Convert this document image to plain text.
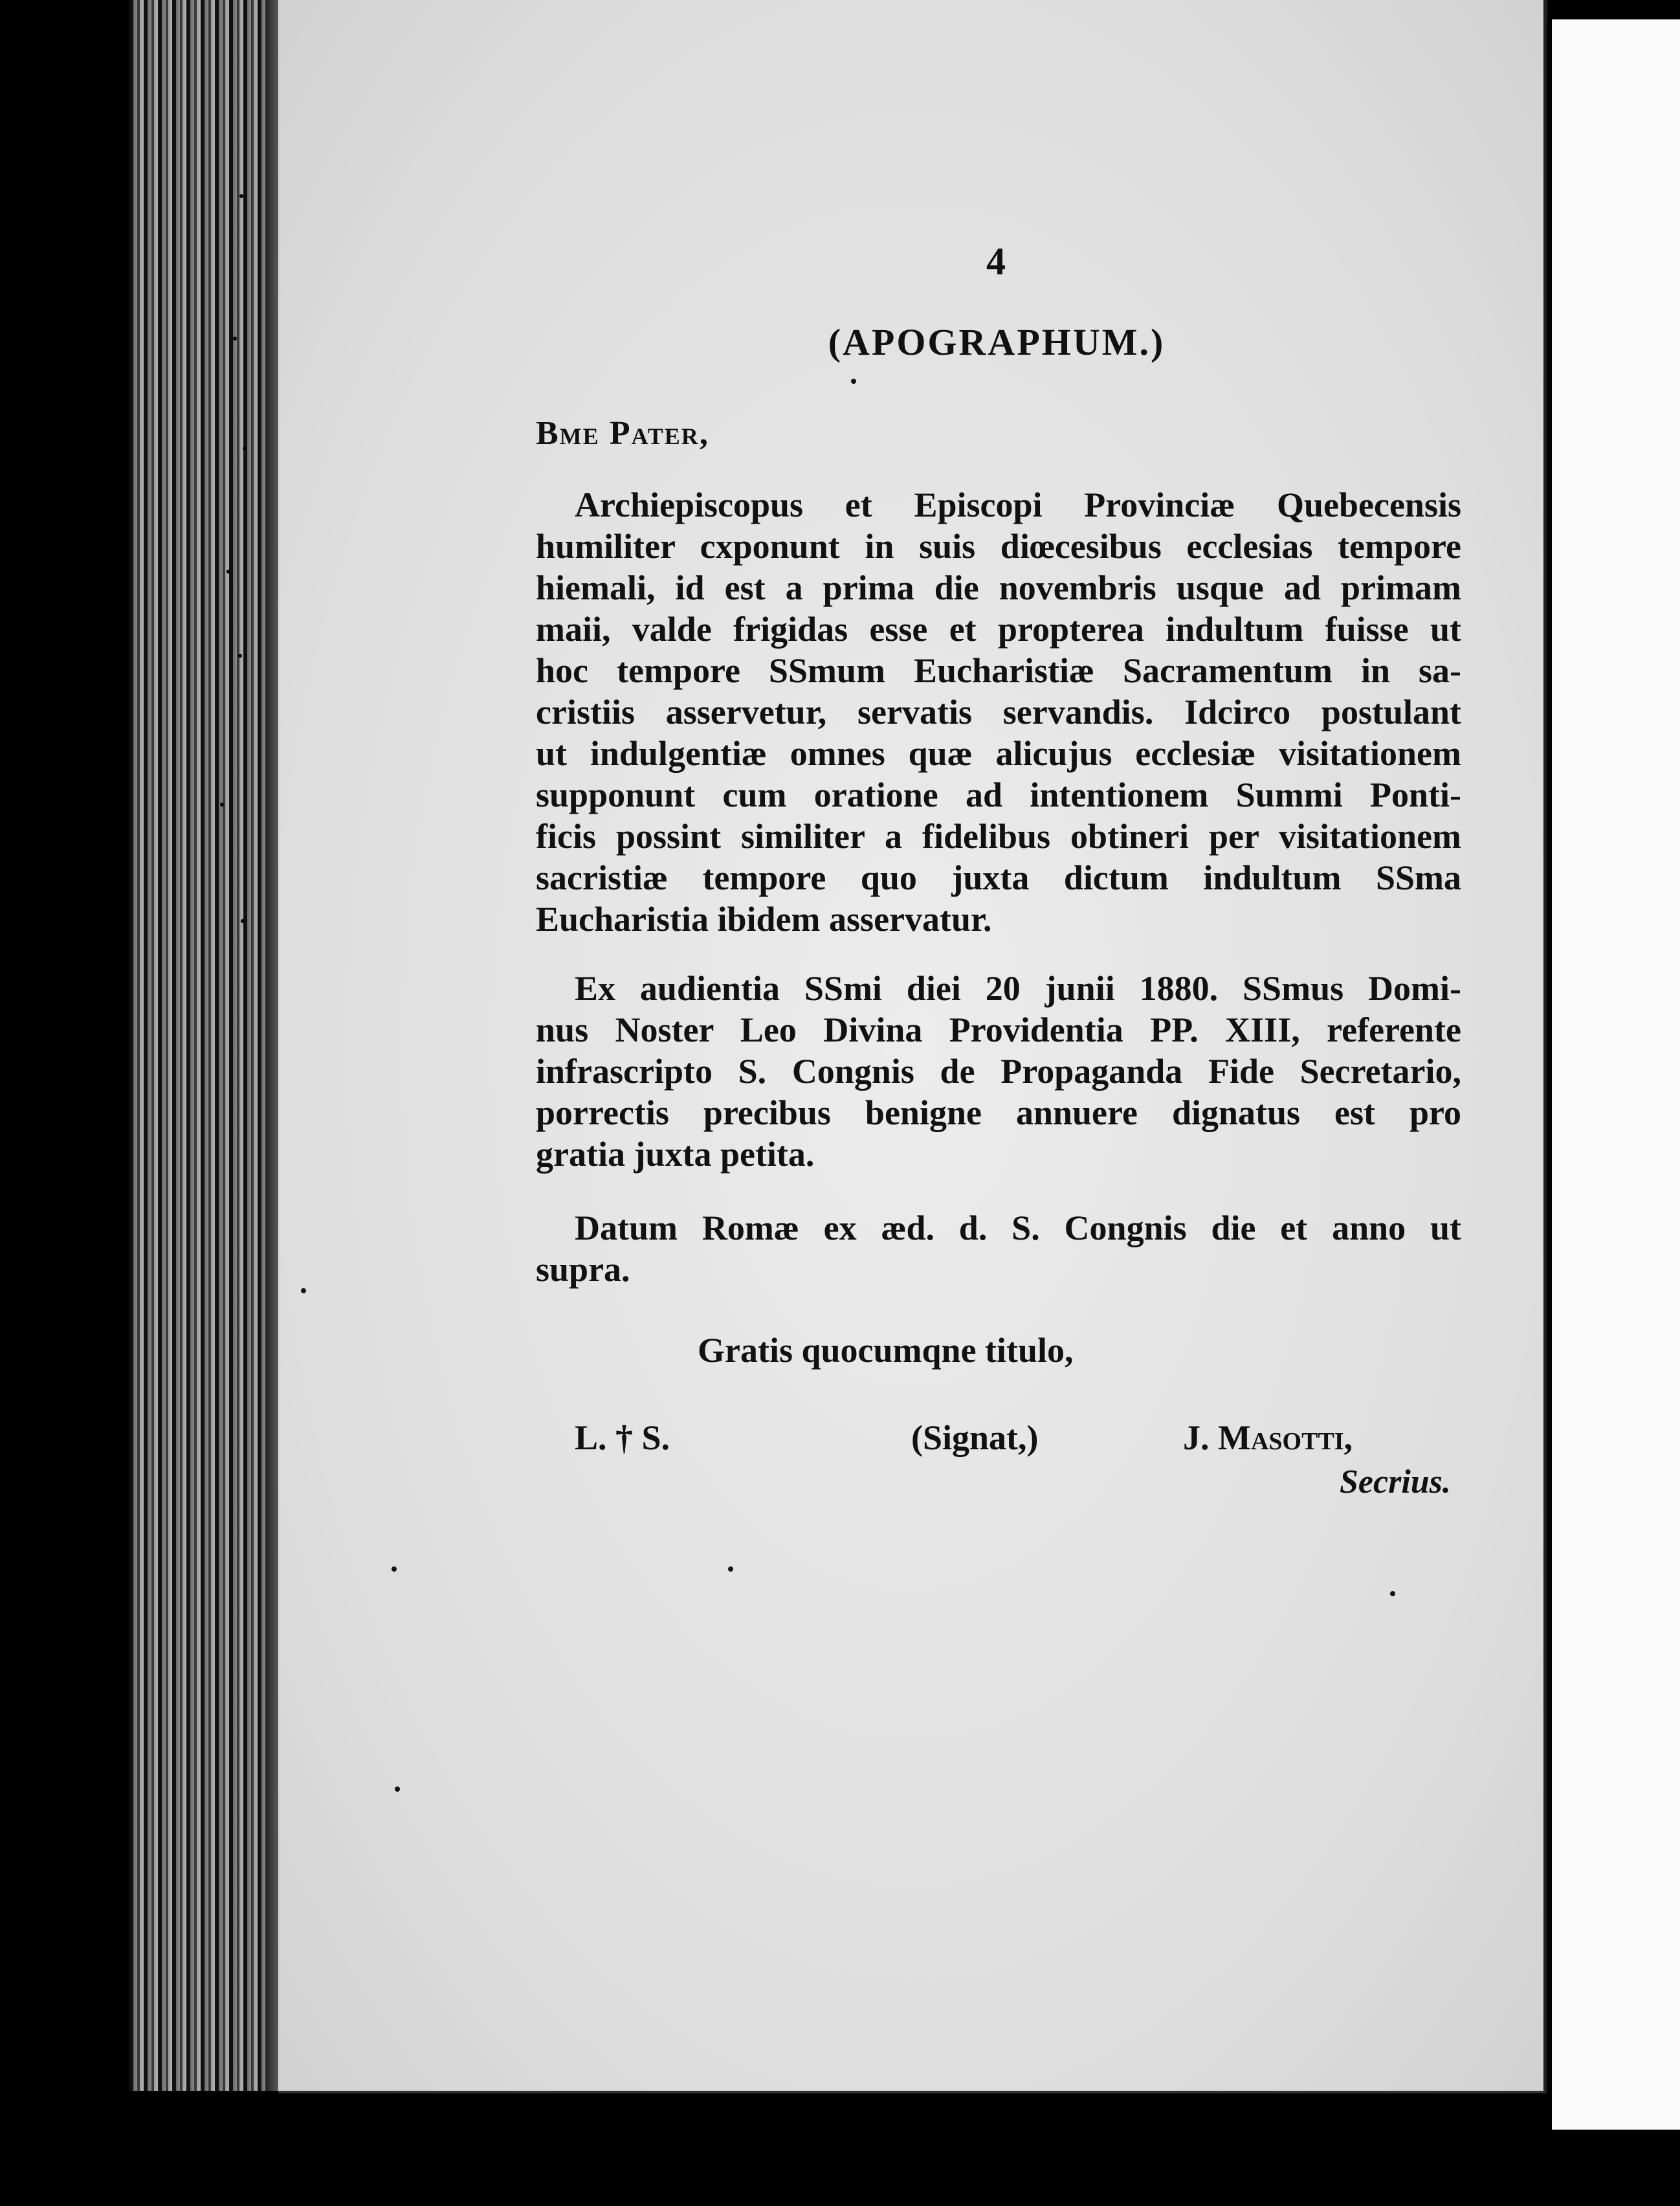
4
(APOGRAPHUM.)
Bme Pater,
Archiepiscopus et Episcopi Provinciæ Quebecensis
humiliter cxponunt in suis diœcesibus ecclesias tempore
hiemali, id est a prima die novembris usque ad primam
maii, valde frigidas esse et propterea indultum fuisse ut
hoc tempore SSmum Eucharistiæ Sacramentum in sa-
cristiis asservetur, servatis servandis. Idcirco postulant
ut indulgentiæ omnes quæ alicujus ecclesiæ visitationem
supponunt cum oratione ad intentionem Summi Ponti-
ficis possint similiter a fidelibus obtineri per visitationem
sacristiæ tempore quo juxta dictum indultum SSma
Eucharistia ibidem asservatur.
Ex audientia SSmi diei 20 junii 1880. SSmus Domi-
nus Noster Leo Divina Providentia PP. XIII, referente
infrascripto S. Congnis de Propaganda Fide Secretario,
porrectis precibus benigne annuere dignatus est pro
gratia juxta petita.
Datum Romæ ex æd. d. S. Congnis die et anno ut
supra.
Gratis quocumqne titulo,
L. † S.	(Signat,)	J. Masotti,
Secrius.
